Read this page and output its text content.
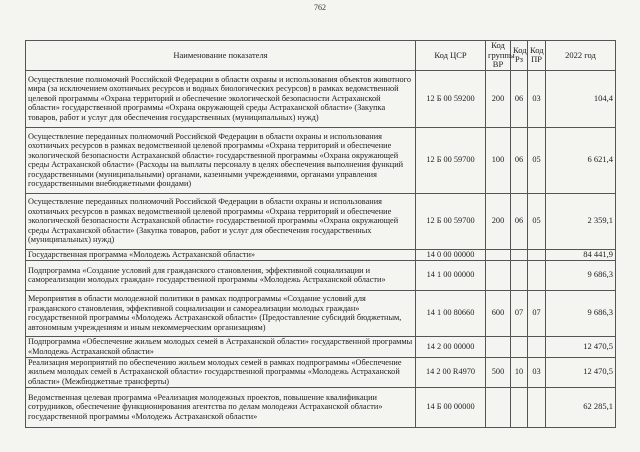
762
Наименование показателя	Код ЦСР	Код группы ВР	Код Рз	Код ПР	2022 год
Осуществление полномочий Российской Федерации в области охраны и использования объектов животного мира (за исключением охотничьих ресурсов и водных биологических ресурсов) в рамках ведомственной целевой программы «Охрана территорий и обеспечение экологической безопасности Астраханской области» государственной программы «Охрана окружающей среды Астраханской области» (Закупка товаров, работ и услуг для обеспечения государственных (муниципальных) нужд)	12 Б 00 59200	200	06	03	104,4
Осуществление переданных полномочий Российской Федерации в области охраны и использования охотничьих ресурсов в рамках ведомственной целевой программы «Охрана территорий и обеспечение экологической безопасности Астраханской области» государственной программы «Охрана окружающей среды Астраханской области» (Расходы на выплаты персоналу в целях обеспечения выполнения функций государственными (муниципальными) органами, казенными учреждениями, органами управления государственными внебюджетными фондами)	12 Б 00 59700	100	06	05	6 621,4
Осуществление переданных полномочий Российской Федерации в области охраны и использования охотничьих ресурсов в рамках ведомственной целевой программы «Охрана территорий и обеспечение экологической безопасности Астраханской области» государственной программы «Охрана окружающей среды Астраханской области» (Закупка товаров, работ и услуг для обеспечения государственных (муниципальных) нужд)	12 Б 00 59700	200	06	05	2 359,1
Государственная программа «Молодежь Астраханской области»	14 0 00 00000				84 441,9
Подпрограмма «Создание условий для гражданского становления, эффективной социализации и самореализации молодых граждан» государственной программы «Молодежь Астраханской области»	14 1 00 00000				9 686,3
Мероприятия в области молодежной политики в рамках подпрограммы «Создание условий для гражданского становления, эффективной социализации и самореализации молодых граждан» государственной программы «Молодежь Астраханской области» (Предоставление субсидий бюджетным, автономным учреждениям и иным некоммерческим организациям)	14 1 00 80660	600	07	07	9 686,3
Подпрограмма «Обеспечение жильем молодых семей в Астраханской области» государственной программы «Молодежь Астраханской области»	14 2 00 00000				12 470,5
Реализация мероприятий по обеспечению жильем молодых семей в рамках подпрограммы «Обеспечение жильем молодых семей в Астраханской области» государственной программы «Молодежь Астраханской области» (Межбюджетные трансферты)	14 2 00 R4970	500	10	03	12 470,5
Ведомственная целевая программа «Реализация молодежных проектов, повышение квалификации сотрудников, обеспечение функционирования агентства по делам молодежи Астраханской области» государственной программы «Молодежь Астраханской области»	14 Б 00 00000				62 285,1
